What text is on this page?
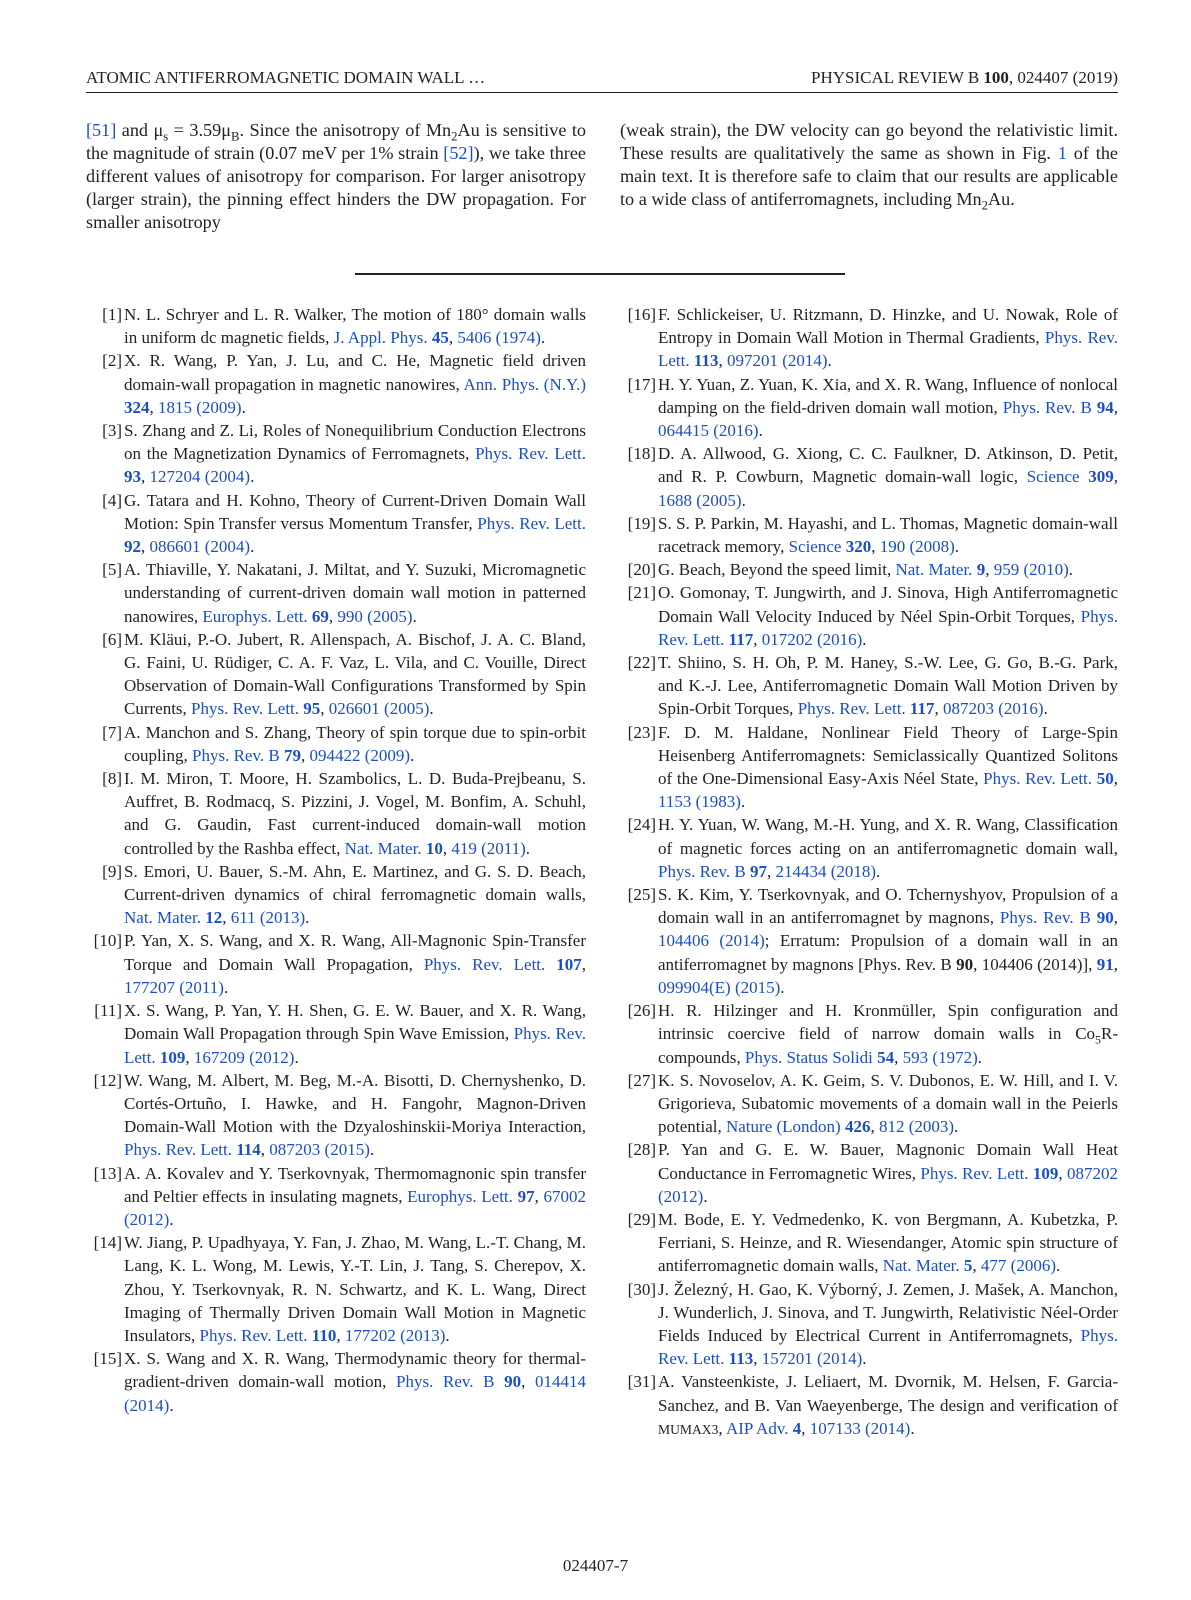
ATOMIC ANTIFERROMAGNETIC DOMAIN WALL …	PHYSICAL REVIEW B 100, 024407 (2019)
[51] and $\mu_s = 3.59\mu_B$. Since the anisotropy of $Mn_2Au$ is sensitive to the magnitude of strain (0.07 meV per 1% strain [52]), we take three different values of anisotropy for comparison. For larger anisotropy (larger strain), the pinning effect hinders the DW propagation. For smaller anisotropy
(weak strain), the DW velocity can go beyond the relativistic limit. These results are qualitatively the same as shown in Fig. 1 of the main text. It is therefore safe to claim that our results are applicable to a wide class of antiferromagnets, including $Mn_2Au$.
[1] N. L. Schryer and L. R. Walker, The motion of 180° domain walls in uniform dc magnetic fields, J. Appl. Phys. 45, 5406 (1974).
[2] X. R. Wang, P. Yan, J. Lu, and C. He, Magnetic field driven domain-wall propagation in magnetic nanowires, Ann. Phys. (N.Y.) 324, 1815 (2009).
[3] S. Zhang and Z. Li, Roles of Nonequilibrium Conduction Electrons on the Magnetization Dynamics of Ferromagnets, Phys. Rev. Lett. 93, 127204 (2004).
[4] G. Tatara and H. Kohno, Theory of Current-Driven Domain Wall Motion: Spin Transfer versus Momentum Transfer, Phys. Rev. Lett. 92, 086601 (2004).
[5] A. Thiaville, Y. Nakatani, J. Miltat, and Y. Suzuki, Micromagnetic understanding of current-driven domain wall motion in patterned nanowires, Europhys. Lett. 69, 990 (2005).
[6] M. Kläui, P.-O. Jubert, R. Allenspach, A. Bischof, J. A. C. Bland, G. Faini, U. Rüdiger, C. A. F. Vaz, L. Vila, and C. Vouille, Direct Observation of Domain-Wall Configurations Transformed by Spin Currents, Phys. Rev. Lett. 95, 026601 (2005).
[7] A. Manchon and S. Zhang, Theory of spin torque due to spin-orbit coupling, Phys. Rev. B 79, 094422 (2009).
[8] I. M. Miron, T. Moore, H. Szambolics, L. D. Buda-Prejbeanu, S. Auffret, B. Rodmacq, S. Pizzini, J. Vogel, M. Bonfim, A. Schuhl, and G. Gaudin, Fast current-induced domain-wall motion controlled by the Rashba effect, Nat. Mater. 10, 419 (2011).
[9] S. Emori, U. Bauer, S.-M. Ahn, E. Martinez, and G. S. D. Beach, Current-driven dynamics of chiral ferromagnetic domain walls, Nat. Mater. 12, 611 (2013).
[10] P. Yan, X. S. Wang, and X. R. Wang, All-Magnonic Spin-Transfer Torque and Domain Wall Propagation, Phys. Rev. Lett. 107, 177207 (2011).
[11] X. S. Wang, P. Yan, Y. H. Shen, G. E. W. Bauer, and X. R. Wang, Domain Wall Propagation through Spin Wave Emission, Phys. Rev. Lett. 109, 167209 (2012).
[12] W. Wang, M. Albert, M. Beg, M.-A. Bisotti, D. Chernyshenko, D. Cortés-Ortuño, I. Hawke, and H. Fangohr, Magnon-Driven Domain-Wall Motion with the Dzyaloshinskii-Moriya Interaction, Phys. Rev. Lett. 114, 087203 (2015).
[13] A. A. Kovalev and Y. Tserkovnyak, Thermomagnonic spin transfer and Peltier effects in insulating magnets, Europhys. Lett. 97, 67002 (2012).
[14] W. Jiang, P. Upadhyaya, Y. Fan, J. Zhao, M. Wang, L.-T. Chang, M. Lang, K. L. Wong, M. Lewis, Y.-T. Lin, J. Tang, S. Cherepov, X. Zhou, Y. Tserkovnyak, R. N. Schwartz, and K. L. Wang, Direct Imaging of Thermally Driven Domain Wall Motion in Magnetic Insulators, Phys. Rev. Lett. 110, 177202 (2013).
[15] X. S. Wang and X. R. Wang, Thermodynamic theory for thermal-gradient-driven domain-wall motion, Phys. Rev. B 90, 014414 (2014).
[16] F. Schlickeiser, U. Ritzmann, D. Hinzke, and U. Nowak, Role of Entropy in Domain Wall Motion in Thermal Gradients, Phys. Rev. Lett. 113, 097201 (2014).
[17] H. Y. Yuan, Z. Yuan, K. Xia, and X. R. Wang, Influence of nonlocal damping on the field-driven domain wall motion, Phys. Rev. B 94, 064415 (2016).
[18] D. A. Allwood, G. Xiong, C. C. Faulkner, D. Atkinson, D. Petit, and R. P. Cowburn, Magnetic domain-wall logic, Science 309, 1688 (2005).
[19] S. S. P. Parkin, M. Hayashi, and L. Thomas, Magnetic domain-wall racetrack memory, Science 320, 190 (2008).
[20] G. Beach, Beyond the speed limit, Nat. Mater. 9, 959 (2010).
[21] O. Gomonay, T. Jungwirth, and J. Sinova, High Antiferromagnetic Domain Wall Velocity Induced by Néel Spin-Orbit Torques, Phys. Rev. Lett. 117, 017202 (2016).
[22] T. Shiino, S. H. Oh, P. M. Haney, S.-W. Lee, G. Go, B.-G. Park, and K.-J. Lee, Antiferromagnetic Domain Wall Motion Driven by Spin-Orbit Torques, Phys. Rev. Lett. 117, 087203 (2016).
[23] F. D. M. Haldane, Nonlinear Field Theory of Large-Spin Heisenberg Antiferromagnets: Semiclassically Quantized Solitons of the One-Dimensional Easy-Axis Néel State, Phys. Rev. Lett. 50, 1153 (1983).
[24] H. Y. Yuan, W. Wang, M.-H. Yung, and X. R. Wang, Classification of magnetic forces acting on an antiferromagnetic domain wall, Phys. Rev. B 97, 214434 (2018).
[25] S. K. Kim, Y. Tserkovnyak, and O. Tchernyshyov, Propulsion of a domain wall in an antiferromagnet by magnons, Phys. Rev. B 90, 104406 (2014); Erratum: Propulsion of a domain wall in an antiferromagnet by magnons [Phys. Rev. B 90, 104406 (2014)], 91, 099904(E) (2015).
[26] H. R. Hilzinger and H. Kronmüller, Spin configuration and intrinsic coercive field of narrow domain walls in $Co_5R$-compounds, Phys. Status Solidi 54, 593 (1972).
[27] K. S. Novoselov, A. K. Geim, S. V. Dubonos, E. W. Hill, and I. V. Grigorieva, Subatomic movements of a domain wall in the Peierls potential, Nature (London) 426, 812 (2003).
[28] P. Yan and G. E. W. Bauer, Magnonic Domain Wall Heat Conductance in Ferromagnetic Wires, Phys. Rev. Lett. 109, 087202 (2012).
[29] M. Bode, E. Y. Vedmedenko, K. von Bergmann, A. Kubetzka, P. Ferriani, S. Heinze, and R. Wiesendanger, Atomic spin structure of antiferromagnetic domain walls, Nat. Mater. 5, 477 (2006).
[30] J. Železný, H. Gao, K. Výborný, J. Zemen, J. Mašek, A. Manchon, J. Wunderlich, J. Sinova, and T. Jungwirth, Relativistic Néel-Order Fields Induced by Electrical Current in Antiferromagnets, Phys. Rev. Lett. 113, 157201 (2014).
[31] A. Vansteenkiste, J. Leliaert, M. Dvornik, M. Helsen, F. Garcia-Sanchez, and B. Van Waeyenberge, The design and verification of MUMAX3, AIP Adv. 4, 107133 (2014).
024407-7
